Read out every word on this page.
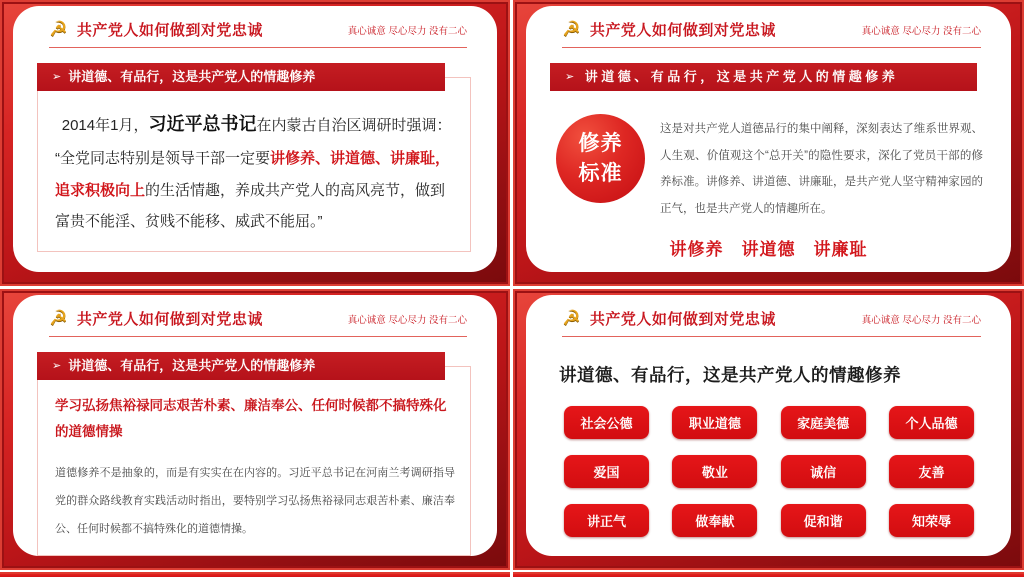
☭ 共产党人如何做到对党忠诚	真心诚意 尽心尽力 没有二心
➢ 讲道德、有品行，这是共产党人的情趣修养

2014年1月，习近平总书记在内蒙古自治区调研时强调：

“全党同志特别是领导干部一定要讲修养、讲道德、讲廉耻，追求积极向上的生活情趣，养成共产党人的高风亮节，做到富贵不能淫、贫贱不能移、威武不能屈。”

☭ 共产党人如何做到对党忠诚	真心诚意 尽心尽力 没有二心
➢ 讲道德、有品行，这是共产党人的情趣修养
修养
标准
这是对共产党人道德品行的集中阐释，深刻表达了维系世界观、人生观、价值观这个“总开关”的隐性要求，深化了党员干部的修养标准。讲修养、讲道德、讲廉耻，是共产党人坚守精神家园的正气，也是共产党人的情趣所在。
讲修养　讲道德　讲廉耻
☭ 共产党人如何做到对党忠诚	真心诚意 尽心尽力 没有二心
➢ 讲道德、有品行，这是共产党人的情趣修养
学习弘扬焦裕禄同志艰苦朴素、廉洁奉公、任何时候都不搞特殊化的道德情操
道德修养不是抽象的，而是有实实在在内容的。习近平总书记在河南兰考调研指导党的群众路线教育实践活动时指出，要特别学习弘扬焦裕禄同志艰苦朴素、廉洁奉公、任何时候都不搞特殊化的道德情操。
☭ 共产党人如何做到对党忠诚	真心诚意 尽心尽力 没有二心
讲道德、有品行，这是共产党人的情趣修养
社会公德	职业道德	家庭美德	个人品德
爱国	敬业	诚信	友善
讲正气	做奉献	促和谐	知荣辱
